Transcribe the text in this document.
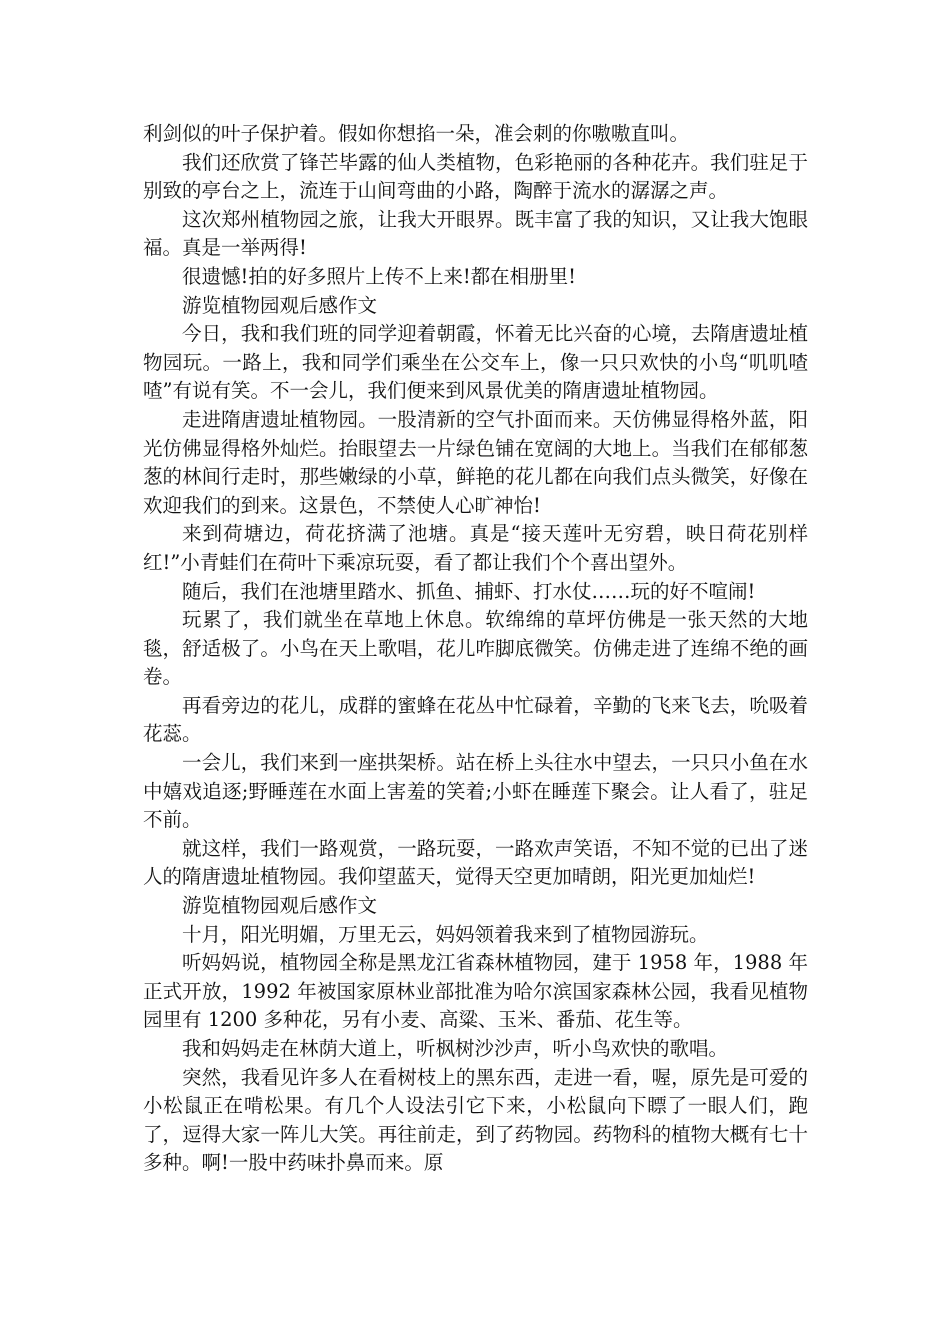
利剑似的叶子保护着。假如你想掐一朵，准会刺的你嗷嗷直叫。

我们还欣赏了锋芒毕露的仙人类植物，色彩艳丽的各种花卉。我们驻足于别致的亭台之上，流连于山间弯曲的小路，陶醉于流水的潺潺之声。

这次郑州植物园之旅，让我大开眼界。既丰富了我的知识，又让我大饱眼福。真是一举两得!

很遗憾!拍的好多照片上传不上来!都在相册里!

游览植物园观后感作文

今日，我和我们班的同学迎着朝霞，怀着无比兴奋的心境，去隋唐遗址植物园玩。一路上，我和同学们乘坐在公交车上，像一只只欢快的小鸟“叽叽喳喳”有说有笑。不一会儿，我们便来到风景优美的隋唐遗址植物园。

走进隋唐遗址植物园。一股清新的空气扑面而来。天仿佛显得格外蓝，阳光仿佛显得格外灿烂。抬眼望去一片绿色铺在宽阔的大地上。当我们在郁郁葱葱的林间行走时，那些嫩绿的小草，鲜艳的花儿都在向我们点头微笑，好像在欢迎我们的到来。这景色，不禁使人心旷神怡!

来到荷塘边，荷花挤满了池塘。真是“接天莲叶无穷碧，映日荷花别样红!”小青蛙们在荷叶下乘凉玩耍，看了都让我们个个喜出望外。

随后，我们在池塘里踏水、抓鱼、捕虾、打水仗……玩的好不喧闹!

玩累了，我们就坐在草地上休息。软绵绵的草坪仿佛是一张天然的大地毯，舒适极了。小鸟在天上歌唱，花儿咋脚底微笑。仿佛走进了连绵不绝的画卷。

再看旁边的花儿，成群的蜜蜂在花丛中忙碌着，辛勤的飞来飞去，吮吸着花蕊。

一会儿，我们来到一座拱架桥。站在桥上头往水中望去，一只只小鱼在水中嬉戏追逐;野睡莲在水面上害羞的笑着;小虾在睡莲下聚会。让人看了，驻足不前。

就这样，我们一路观赏，一路玩耍，一路欢声笑语，不知不觉的已出了迷人的隋唐遗址植物园。我仰望蓝天，觉得天空更加晴朗，阳光更加灿烂!

游览植物园观后感作文

十月，阳光明媚，万里无云，妈妈领着我来到了植物园游玩。

听妈妈说，植物园全称是黑龙江省森林植物园，建于 1958 年，1988 年正式开放，1992 年被国家原林业部批准为哈尔滨国家森林公园，我看见植物园里有 1200 多种花，另有小麦、高粱、玉米、番茄、花生等。

我和妈妈走在林荫大道上，听枫树沙沙声，听小鸟欢快的歌唱。

突然，我看见许多人在看树枝上的黑东西，走进一看，喔，原先是可爱的小松鼠正在啃松果。有几个人设法引它下来，小松鼠向下瞟了一眼人们，跑了，逗得大家一阵儿大笑。再往前走，到了药物园。药物科的植物大概有七十多种。啊!一股中药味扑鼻而来。原
